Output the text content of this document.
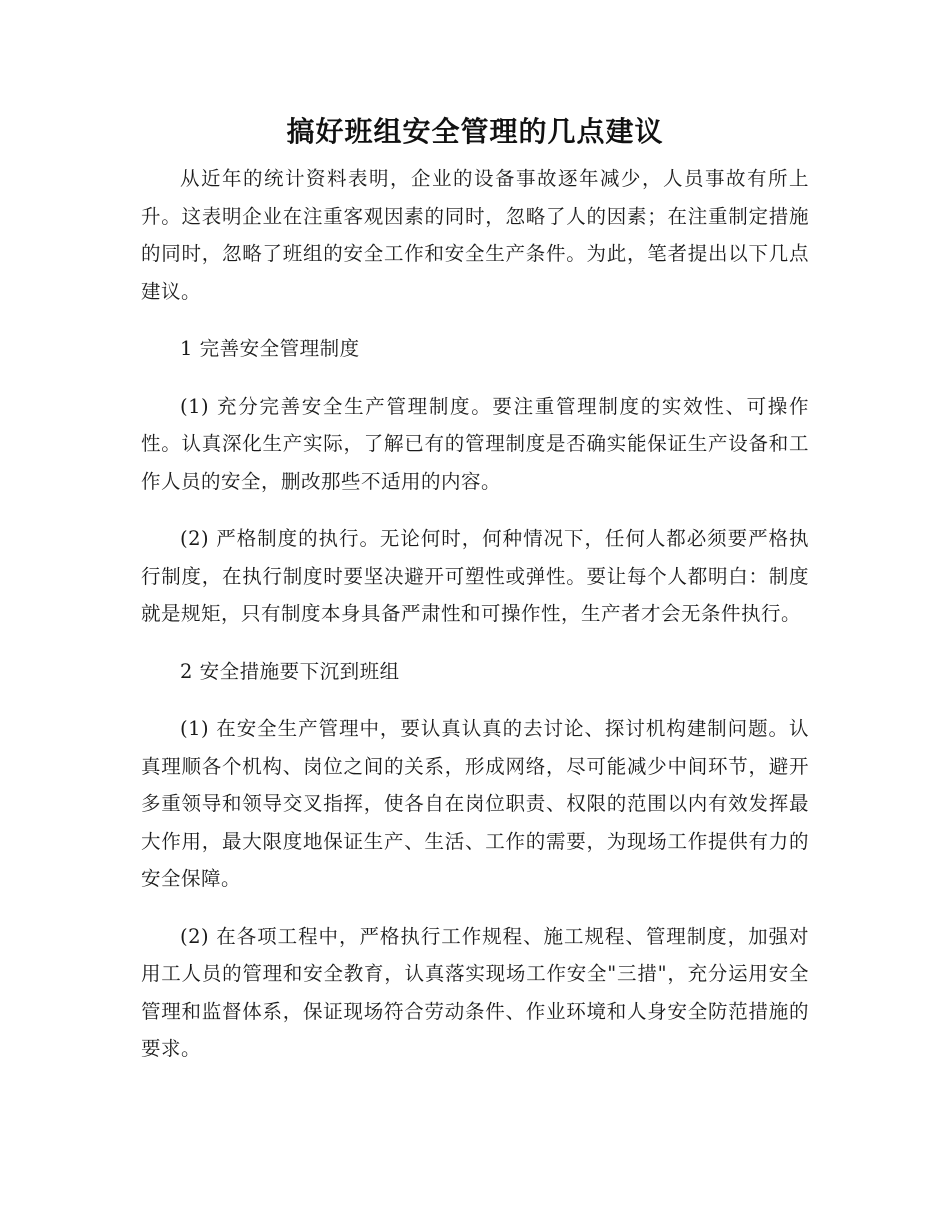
搞好班组安全管理的几点建议

从近年的统计资料表明，企业的设备事故逐年减少，人员事故有所上升。这表明企业在注重客观因素的同时，忽略了人的因素；在注重制定措施的同时，忽略了班组的安全工作和安全生产条件。为此，笔者提出以下几点建议。

1 完善安全管理制度

(1) 充分完善安全生产管理制度。要注重管理制度的实效性、可操作性。认真深化生产实际，了解已有的管理制度是否确实能保证生产设备和工作人员的安全，删改那些不适用的内容。

(2) 严格制度的执行。无论何时，何种情况下，任何人都必须要严格执行制度，在执行制度时要坚决避开可塑性或弹性。要让每个人都明白：制度就是规矩，只有制度本身具备严肃性和可操作性，生产者才会无条件执行。

2 安全措施要下沉到班组

(1) 在安全生产管理中，要认真认真的去讨论、探讨机构建制问题。认真理顺各个机构、岗位之间的关系，形成网络，尽可能减少中间环节，避开多重领导和领导交叉指挥，使各自在岗位职责、权限的范围以内有效发挥最大作用，最大限度地保证生产、生活、工作的需要，为现场工作提供有力的安全保障。

(2) 在各项工程中，严格执行工作规程、施工规程、管理制度，加强对用工人员的管理和安全教育，认真落实现场工作安全"三措"，充分运用安全管理和监督体系，保证现场符合劳动条件、作业环境和人身安全防范措施的要求。
